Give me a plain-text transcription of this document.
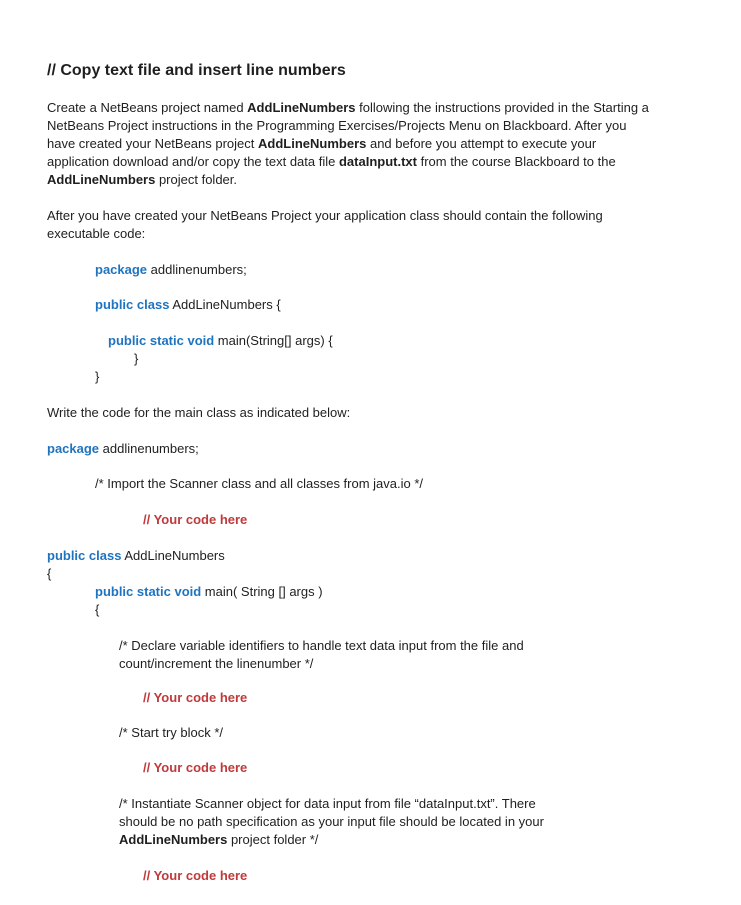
// Copy text file and insert line numbers
Create a NetBeans project named AddLineNumbers following the instructions provided in the Starting a
NetBeans Project instructions in the Programming Exercises/Projects Menu on Blackboard. After you
have created your NetBeans project AddLineNumbers and before you attempt to execute your
application download and/or copy the text data file dataInput.txt from the course Blackboard to the
AddLineNumbers project folder.
After you have created your NetBeans Project your application class should contain the following
executable code:
package addlinenumbers;
public class AddLineNumbers {
public static void main(String[] args) {
}
}
Write the code for the main class as indicated below:
package addlinenumbers;
/* Import the Scanner class and all classes from java.io */
// Your code here
public class AddLineNumbers
{
public static void main( String [] args )
{
/* Declare variable identifiers to handle text data input from the file and
count/increment the linenumber */
// Your code here
/* Start try block */
// Your code here
/* Instantiate Scanner object for data input from file “dataInput.txt”. There
should be no path specification as your input file should be located in your
AddLineNumbers project folder */
// Your code here
